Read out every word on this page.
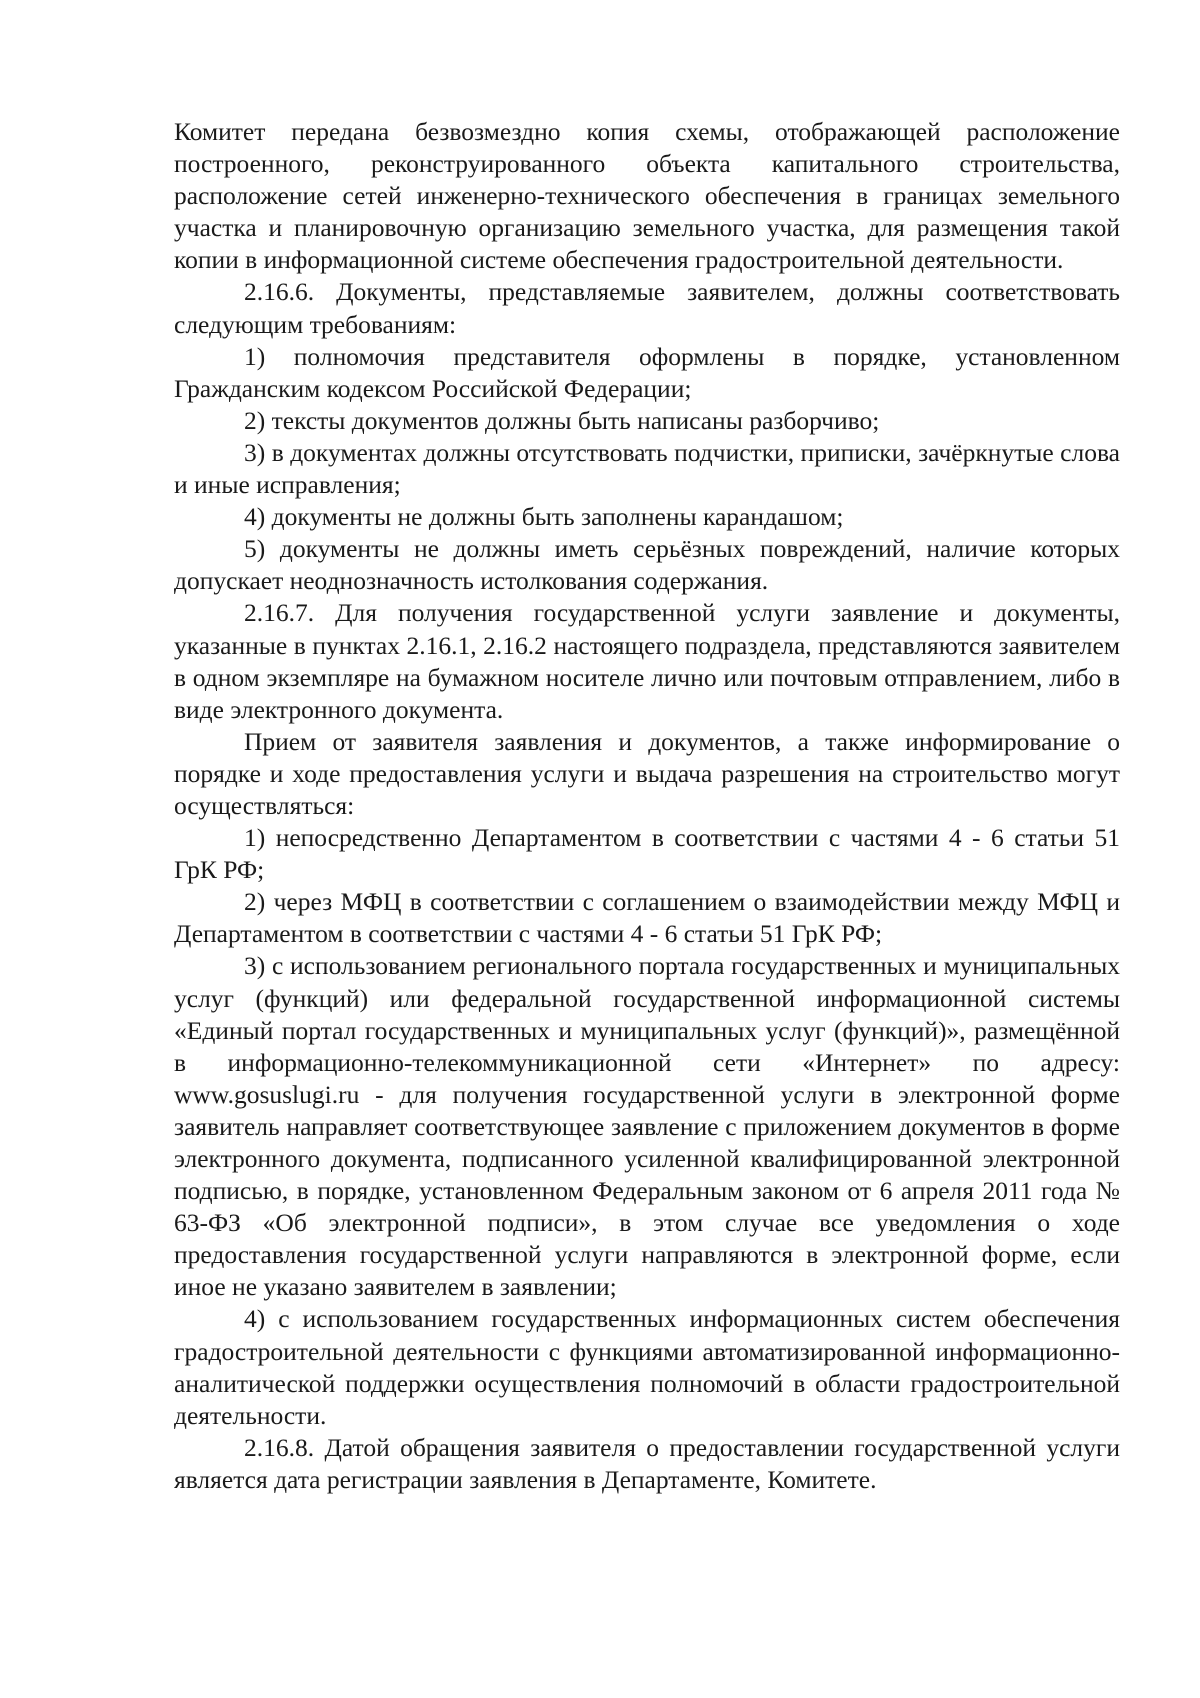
Комитет передана безвозмездно копия схемы, отображающей расположение построенного, реконструированного объекта капитального строительства, расположение сетей инженерно-технического обеспечения в границах земельного участка и планировочную организацию земельного участка, для размещения такой копии в информационной системе обеспечения градостроительной деятельности.

2.16.6. Документы, представляемые заявителем, должны соответствовать следующим требованиям:

1) полномочия представителя оформлены в порядке, установленном Гражданским кодексом Российской Федерации;

2) тексты документов должны быть написаны разборчиво;

3) в документах должны отсутствовать подчистки, приписки, зачёркнутые слова и иные исправления;

4) документы не должны быть заполнены карандашом;

5) документы не должны иметь серьёзных повреждений, наличие которых допускает неоднозначность истолкования содержания.

2.16.7. Для получения государственной услуги заявление и документы, указанные в пунктах 2.16.1, 2.16.2 настоящего подраздела, представляются заявителем в одном экземпляре на бумажном носителе лично или почтовым отправлением, либо в виде электронного документа.

Прием от заявителя заявления и документов, а также информирование о порядке и ходе предоставления услуги и выдача разрешения на строительство могут осуществляться:

1) непосредственно Департаментом в соответствии с частями 4 - 6 статьи 51 ГрК РФ;

2) через МФЦ в соответствии с соглашением о взаимодействии между МФЦ и Департаментом в соответствии с частями 4 - 6 статьи 51 ГрК РФ;

3) с использованием регионального портала государственных и муниципальных услуг (функций) или федеральной государственной информационной системы «Единый портал государственных и муниципальных услуг (функций)», размещённой в информационно-телекоммуникационной сети «Интернет» по адресу: www.gosuslugi.ru - для получения государственной услуги в электронной форме заявитель направляет соответствующее заявление с приложением документов в форме электронного документа, подписанного усиленной квалифицированной электронной подписью, в порядке, установленном Федеральным законом от 6 апреля 2011 года № 63-ФЗ «Об электронной подписи», в этом случае все уведомления о ходе предоставления государственной услуги направляются в электронной форме, если иное не указано заявителем в заявлении;

4) с использованием государственных информационных систем обеспечения градостроительной деятельности с функциями автоматизированной информационно-аналитической поддержки осуществления полномочий в области градостроительной деятельности.

2.16.8. Датой обращения заявителя о предоставлении государственной услуги является дата регистрации заявления в Департаменте, Комитете.
